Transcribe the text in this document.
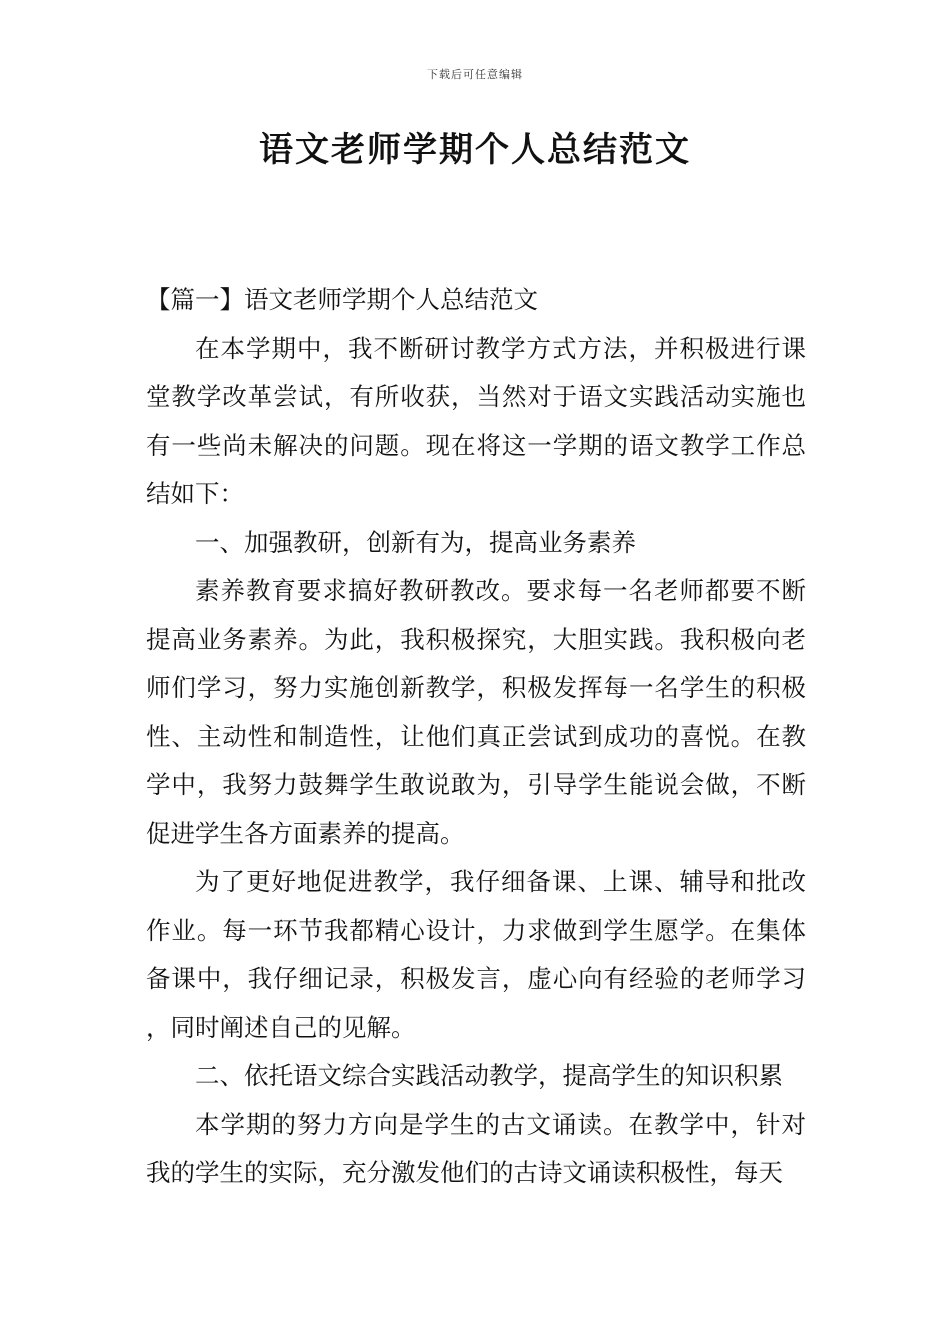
下载后可任意编辑
语文老师学期个人总结范文

【篇一】语文老师学期个人总结范文

在本学期中，我不断研讨教学方式方法，并积极进行课堂教学改革尝试，有所收获，当然对于语文实践活动实施也有一些尚未解决的问题。现在将这一学期的语文教学工作总结如下：

一、加强教研，创新有为，提高业务素养

素养教育要求搞好教研教改。要求每一名老师都要不断提高业务素养。为此，我积极探究，大胆实践。我积极向老师们学习，努力实施创新教学，积极发挥每一名学生的积极性、主动性和制造性，让他们真正尝试到成功的喜悦。在教学中，我努力鼓舞学生敢说敢为，引导学生能说会做，不断促进学生各方面素养的提高。

为了更好地促进教学，我仔细备课、上课、辅导和批改作业。每一环节我都精心设计，力求做到学生愿学。在集体备课中，我仔细记录，积极发言，虚心向有经验的老师学习，同时阐述自己的见解。

二、依托语文综合实践活动教学，提高学生的知识积累

本学期的努力方向是学生的古文诵读。在教学中，针对我的学生的实际，充分激发他们的古诗文诵读积极性，每天
